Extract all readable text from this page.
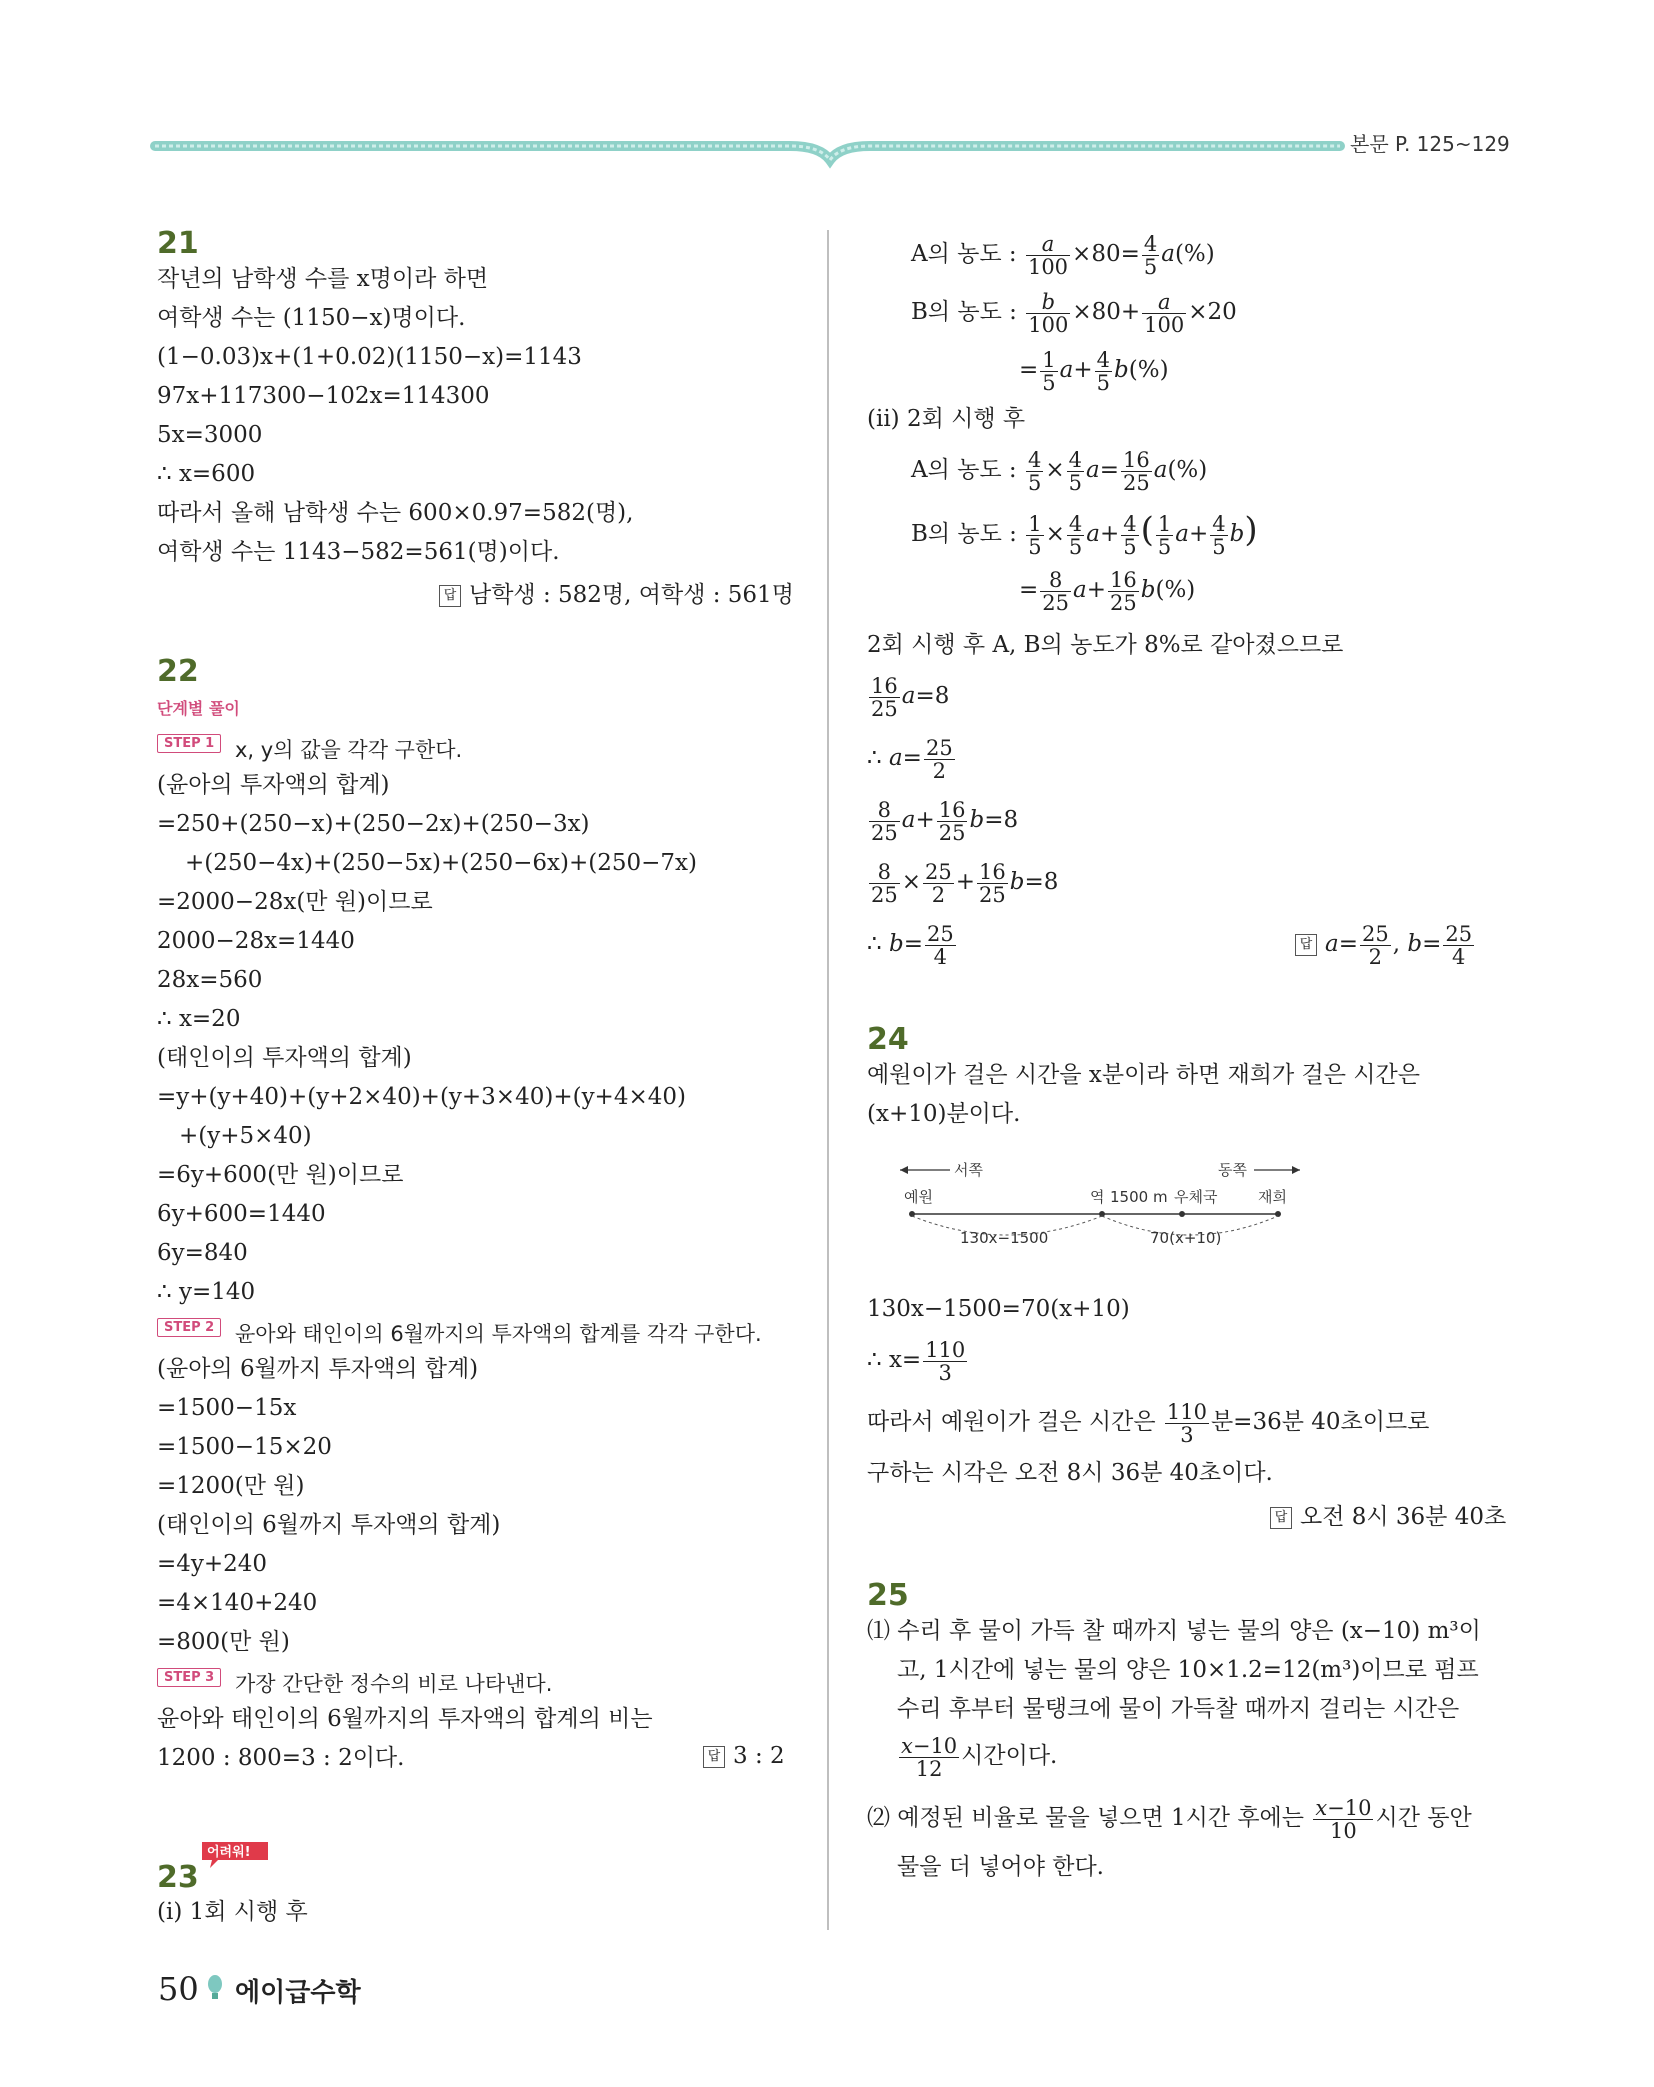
본문 P. 125~129
21
작년의 남학생 수를 x명이라 하면
여학생 수는 (1150−x)명이다.
(1−0.03)x+(1+0.02)(1150−x)=1143
97x+117300−102x=114300
5x=3000
∴ x=600
따라서 올해 남학생 수는 600×0.97=582(명),
여학생 수는 1143−582=561(명)이다.
답 남학생 : 582명, 여학생 : 561명
22
단계별 풀이
STEP 1 x, y의 값을 각각 구한다.
(윤아의 투자액의 합계)
=250+(250−x)+(250−2x)+(250−3x)
+(250−4x)+(250−5x)+(250−6x)+(250−7x)
=2000−28x(만 원)이므로
2000−28x=1440
28x=560
∴ x=20
(태인이의 투자액의 합계)
=y+(y+40)+(y+2×40)+(y+3×40)+(y+4×40)
+(y+5×40)
=6y+600(만 원)이므로
6y+600=1440
6y=840
∴ y=140
STEP 2 윤아와 태인이의 6월까지의 투자액의 합계를 각각 구한다.
(윤아의 6월까지 투자액의 합계)
=1500−15x
=1500−15×20
=1200(만 원)
(태인이의 6월까지 투자액의 합계)
=4y+240
=4×140+240
=800(만 원)
STEP 3 가장 간단한 정수의 비로 나타낸다.
윤아와 태인이의 6월까지의 투자액의 합계의 비는
1200 : 800=3 : 2이다.	답 3 : 2
23
(i) 1회 시행 후
어려워!
A의 농도 : $\frac{a}{100} \times 80= \frac{4}{5} a(\%)$
B의 농도 : $\frac{b}{100} \times 80+ \frac{a}{100} \times 20$
= $\frac{1}{5} a+ \frac{4}{5} b(\%)$
(ii) 2회 시행 후
A의 농도 : $\frac{4}{5} \times \frac{4}{5} a= \frac{16}{25} a(\%)$
B의 농도 : $\frac{1}{5} \times \frac{4}{5} a+ \frac{4}{5}$ ( $\frac{1}{5} a+ \frac{4}{5} b$)
= $\frac{8}{25} a+ \frac{16}{25} b(\%)$
2회 시행 후 A, B의 농도가 8%로 같아졌으므로
$\frac{16}{25} a=8$
∴ $a= \frac{25}{2}$
$\frac{8}{25} a+ \frac{16}{25} b=8$
$\frac{8}{25} \times \frac{25}{2} + \frac{16}{25} b=8$
∴ $b= \frac{25}{4}$	답 $a= \frac{25}{2}$ , $b= \frac{25}{4}$
24
예원이가 걸은 시간을 x분이라 하면 재희가 걸은 시간은
(x+10)분이다.
130x−1500=70(x+10)
∴ $x= \frac{110}{3}$
따라서 예원이가 걸은 시간은 $\frac{110}{3}$ 분=36분 40초이므로
구하는 시각은 오전 8시 36분 40초이다.
답 오전 8시 36분 40초
25
⑴ 수리 후 물이 가득 찰 때까지 넣는 물의 양은 (x−10) m³이
고, 1시간에 넣는 물의 양은 10×1.2=12(m³)이므로 펌프
수리 후부터 물탱크에 물이 가득찰 때까지 걸리는 시간은
$\frac{x-10}{12}$ 시간이다.
⑵ 예정된 비율로 물을 넣으면 1시간 후에는 $\frac{x-10}{10}$ 시간 동안
물을 더 넣어야 한다.
서쪽	동쪽
예원	역 1500 m 우체국	재희
130x−1500	70(x+10)
50 에이급수학
